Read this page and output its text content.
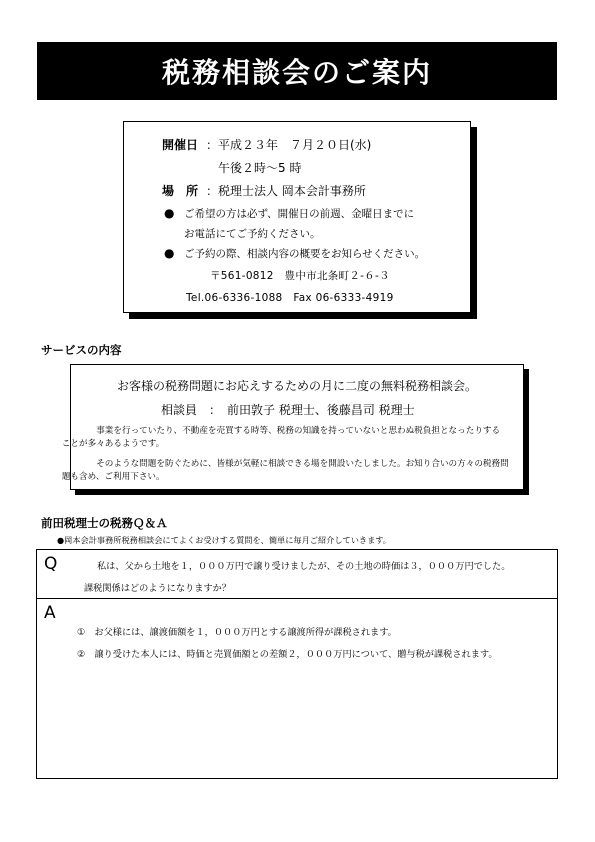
税務相談会のご案内
開催日 ：平成２３年　７月２０日(水)
午後２時～5 時
場　所 ：税理士法人 岡本会計事務所
● ご希望の方は必ず、開催日の前週、金曜日までに
お電話にてご予約ください。
● ご予約の際、相談内容の概要をお知らせください。
〒561-0812　豊中市北条町２-６-３
Tel.06-6336-1088　Fax 06-6333-4919
サービスの内容
お客様の税務問題にお応えするための月に二度の無料税務相談会。
相談員　：　前田敦子 税理士、後藤昌司 税理士
事業を行っていたり、不動産を売買する時等、税務の知識を持っていないと思わぬ税負担となったりする
ことが多々あるようです。
そのような問題を防ぐために、皆様が気軽に相談できる場を開設いたしました。お知り合いの方々の税務問
題も含め、ご利用下さい。
前田税理士の税務Ｑ＆Ａ
●岡本会計事務所税務相談会にてよくお受けする質問を、簡単に毎月ご紹介していきます。
Q	私は、父から土地を１，０００万円で譲り受けましたが、その土地の時価は３，０００万円でした。
課税関係はどのようになりますか？
A
①　お父様には、譲渡価額を１，０００万円とする譲渡所得が課税されます。
②　譲り受けた本人には、時価と売買価額との差額２，０００万円について、贈与税が課税されます。
